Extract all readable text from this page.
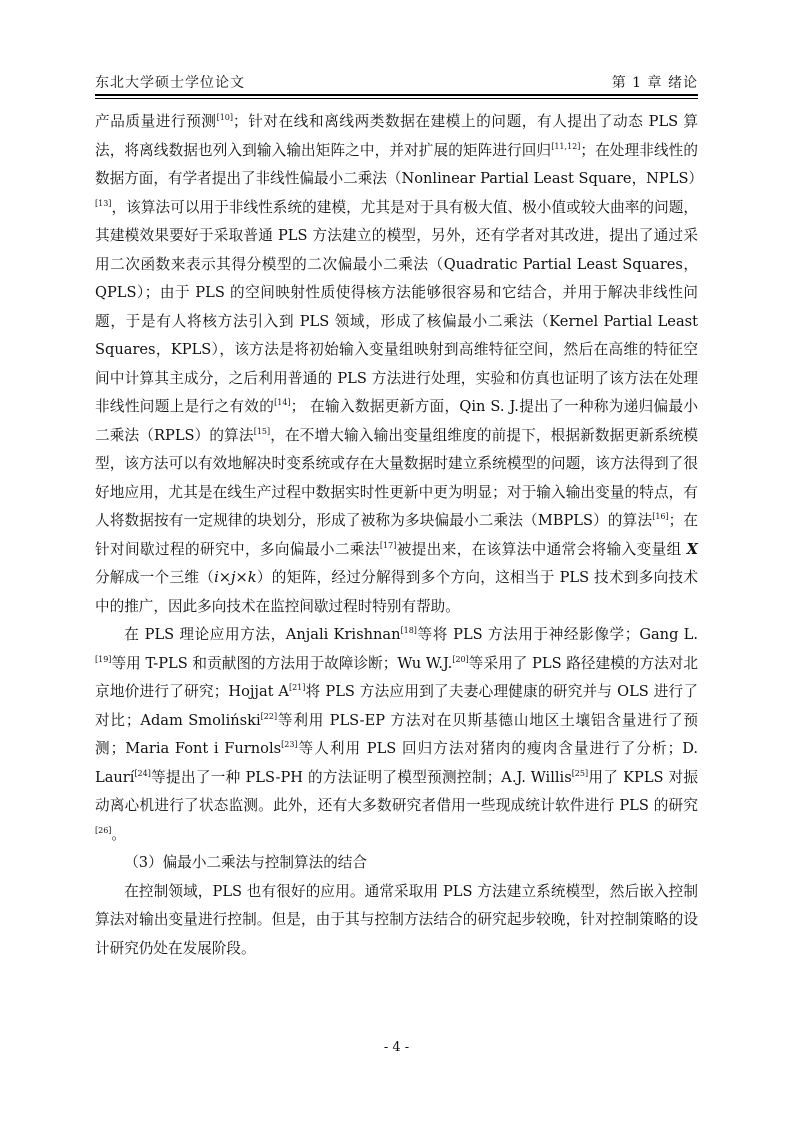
东北大学硕士学位论文	第 1 章 绪论

产品质量进行预测[10]；针对在线和离线两类数据在建模上的问题，有人提出了动态 PLS 算法，将离线数据也列入到输入输出矩阵之中，并对扩展的矩阵进行回归[11,12]；在处理非线性的数据方面，有学者提出了非线性偏最小二乘法（Nonlinear Partial Least Square，NPLS）[13]，该算法可以用于非线性系统的建模，尤其是对于具有极大值、极小值或较大曲率的问题，其建模效果要好于采取普通 PLS 方法建立的模型，另外，还有学者对其改进，提出了通过采用二次函数来表示其得分模型的二次偏最小二乘法（Quadratic Partial Least Squares，QPLS）；由于 PLS 的空间映射性质使得核方法能够很容易和它结合，并用于解决非线性问题，于是有人将核方法引入到 PLS 领域，形成了核偏最小二乘法（Kernel Partial Least Squares，KPLS），该方法是将初始输入变量组映射到高维特征空间，然后在高维的特征空间中计算其主成分，之后利用普通的 PLS 方法进行处理，实验和仿真也证明了该方法在处理非线性问题上是行之有效的[14]； 在输入数据更新方面，Qin S. J.提出了一种称为递归偏最小二乘法（RPLS）的算法[15]，在不增大输入输出变量组维度的前提下，根据新数据更新系统模型，该方法可以有效地解决时变系统或存在大量数据时建立系统模型的问题，该方法得到了很好地应用，尤其是在线生产过程中数据实时性更新中更为明显；对于输入输出变量的特点，有人将数据按有一定规律的块划分，形成了被称为多块偏最小二乘法（MBPLS）的算法[16]；在针对间歇过程的研究中，多向偏最小二乘法[17]被提出来，在该算法中通常会将输入变量组 X 分解成一个三维（i×j×k）的矩阵，经过分解得到多个方向，这相当于 PLS 技术到多向技术中的推广，因此多向技术在监控间歇过程时特别有帮助。

在 PLS 理论应用方法，Anjali Krishnan[18]等将 PLS 方法用于神经影像学；Gang L.[19]等用 T-PLS 和贡献图的方法用于故障诊断；Wu W.J.[20]等采用了 PLS 路径建模的方法对北京地价进行了研究；Hojjat A[21]将 PLS 方法应用到了夫妻心理健康的研究并与 OLS 进行了对比；Adam Smoliński[22]等利用 PLS-EP 方法对在贝斯基德山地区土壤铝含量进行了预测；Maria Font i Furnols[23]等人利用 PLS 回归方法对猪肉的瘦肉含量进行了分析；D. Laurí[24]等提出了一种 PLS-PH 的方法证明了模型预测控制；A.J. Willis[25]用了 KPLS 对振动离心机进行了状态监测。此外，还有大多数研究者借用一些现成统计软件进行 PLS 的研究[26]。

（3）偏最小二乘法与控制算法的结合

在控制领域，PLS 也有很好的应用。通常采取用 PLS 方法建立系统模型，然后嵌入控制算法对输出变量进行控制。但是，由于其与控制方法结合的研究起步较晚，针对控制策略的设计研究仍处在发展阶段。

- 4 -
